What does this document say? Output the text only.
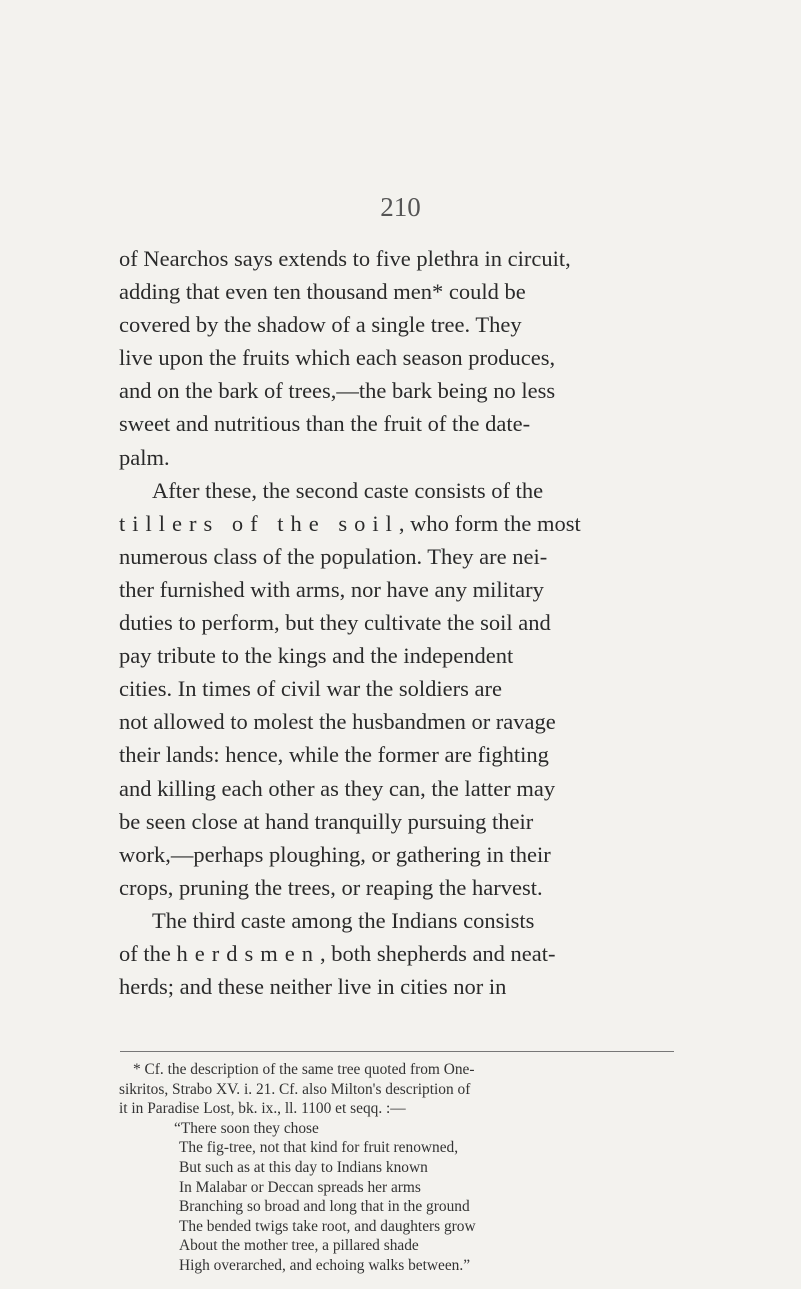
210
of Nearchos says extends to five plethra in circuit,
adding that even ten thousand men* could be
covered by the shadow of a single tree. They
live upon the fruits which each season produces,
and on the bark of trees,—the bark being no less
sweet and nutritious than the fruit of the date-
palm.
After these, the second caste consists of the
tillers of the soil, who form the most
numerous class of the population. They are nei-
ther furnished with arms, nor have any military
duties to perform, but they cultivate the soil and
pay tribute to the kings and the independent
cities. In times of civil war the soldiers are
not allowed to molest the husbandmen or ravage
their lands: hence, while the former are fighting
and killing each other as they can, the latter may
be seen close at hand tranquilly pursuing their
work,—perhaps ploughing, or gathering in their
crops, pruning the trees, or reaping the harvest.
The third caste among the Indians consists
of the herdsmen, both shepherds and neat-
herds; and these neither live in cities nor in
* Cf. the description of the same tree quoted from One-
sikritos, Strabo XV. i. 21. Cf. also Milton's description of
it in Paradise Lost, bk. ix., ll. 1100 et seqq. :—
“There soon they chose
The fig-tree, not that kind for fruit renowned,
But such as at this day to Indians known
In Malabar or Deccan spreads her arms
Branching so broad and long that in the ground
The bended twigs take root, and daughters grow
About the mother tree, a pillared shade
High overarched, and echoing walks between.”
